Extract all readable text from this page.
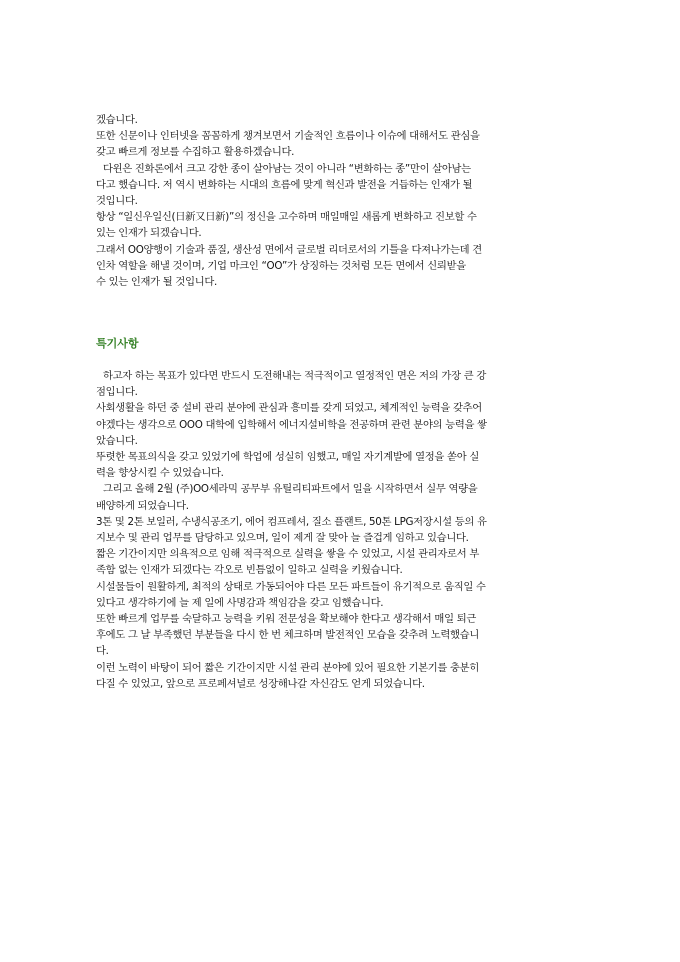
겠습니다.
또한 신문이나 인터넷을 꼼꼼하게 챙겨보면서 기술적인 흐름이나 이슈에 대해서도 관심을
갖고 빠르게 정보를 수집하고 활용하겠습니다.
다윈은 진화론에서 크고 강한 종이 살아남는 것이 아니라 “변화하는 종”만이 살아남는
다고 했습니다. 저 역시 변화하는 시대의 흐름에 맞게 혁신과 발전을 거듭하는 인재가 될
것입니다.
항상 “일신우일신(日新又日新)”의 정신을 고수하며 매일매일 새롭게 변화하고 진보할 수
있는 인재가 되겠습니다.
그래서 OO양행이 기술과 품질, 생산성 면에서 글로벌 리더로서의 기틀을 다져나가는데 견
인차 역할을 해낼 것이며, 기업 마크인 “OO”가 상징하는 것처럼 모든 면에서 신뢰받을
수 있는 인재가 될 것입니다.
특기사항
하고자 하는 목표가 있다면 반드시 도전해내는 적극적이고 열정적인 면은 저의 가장 큰 강
점입니다.
사회생활을 하던 중 설비 관리 분야에 관심과 흥미를 갖게 되었고, 체계적인 능력을 갖추어
야겠다는 생각으로 OOO 대학에 입학해서 에너지설비학을 전공하며 관련 분야의 능력을 쌓
았습니다.
뚜렷한 목표의식을 갖고 있었기에 학업에 성실히 임했고, 매일 자기계발에 열정을 쏟아 실
력을 향상시킬 수 있었습니다.
그리고 올해 2월 (주)OO세라믹 공무부 유틸리티파트에서 일을 시작하면서 실무 역량을
배양하게 되었습니다.
3톤 및 2톤 보일러, 수냉식공조기, 에어 컴프레셔, 질소 플랜트, 50톤 LPG저장시설 등의 유
지보수 및 관리 업무를 담당하고 있으며, 일이 제게 잘 맞아 늘 즐겁게 임하고 있습니다.
짧은 기간이지만 의욕적으로 임해 적극적으로 실력을 쌓을 수 있었고, 시설 관리자로서 부
족함 없는 인재가 되겠다는 각오로 빈틈없이 일하고 실력을 키웠습니다.
시설물들이 원활하게, 최적의 상태로 가동되어야 다른 모든 파트들이 유기적으로 움직일 수
있다고 생각하기에 늘 제 일에 사명감과 책임감을 갖고 임했습니다.
또한 빠르게 업무를 숙달하고 능력을 키워 전문성을 확보해야 한다고 생각해서 매일 퇴근
후에도 그 날 부족했던 부분들을 다시 한 번 체크하며 발전적인 모습을 갖추려 노력했습니
다.
이런 노력이 바탕이 되어 짧은 기간이지만 시설 관리 분야에 있어 필요한 기본기를 충분히
다질 수 있었고, 앞으로 프로페셔널로 성장해나갈 자신감도 얻게 되었습니다.
